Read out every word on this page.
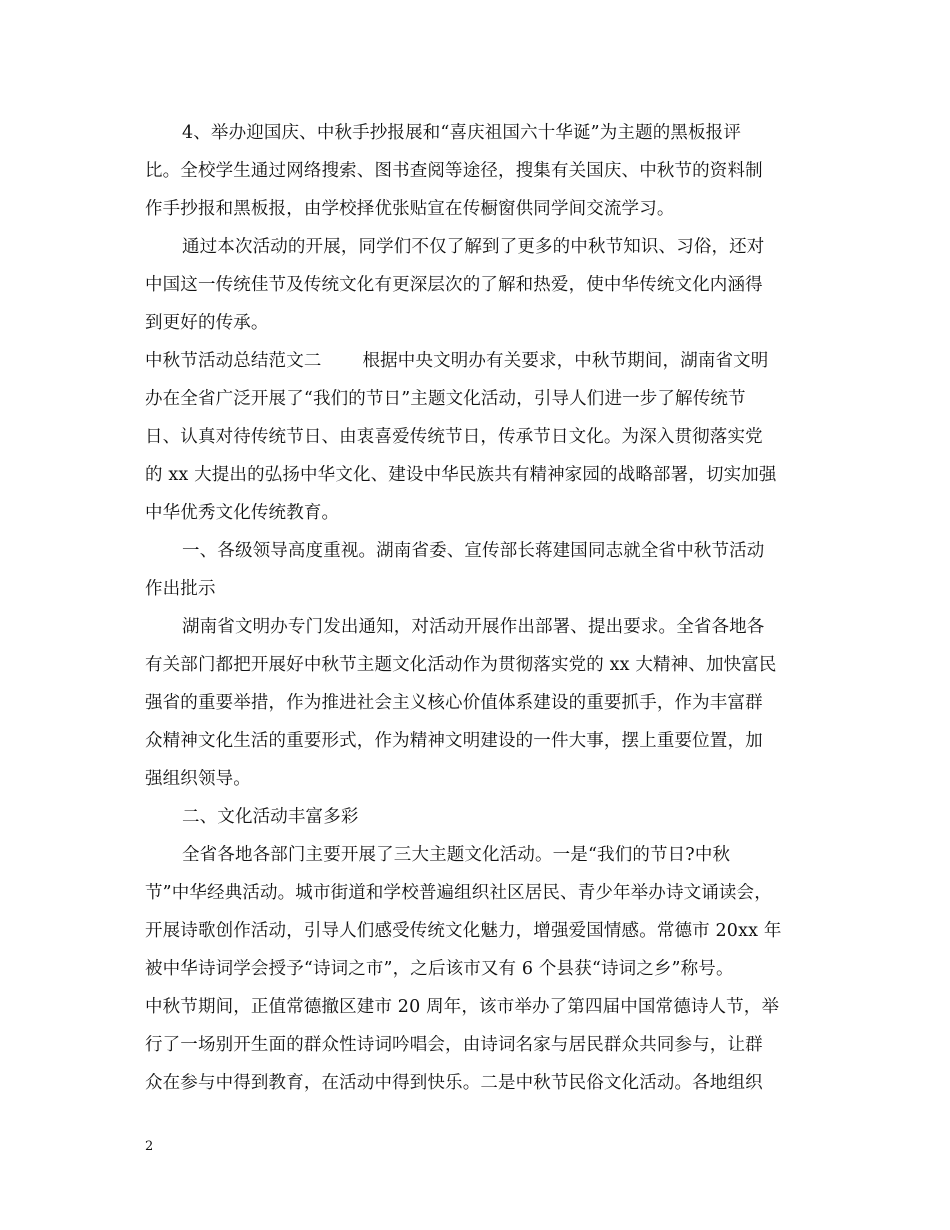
4、举办迎国庆、中秋手抄报展和“喜庆祖国六十华诞”为主题的黑板报评
比。全校学生通过网络搜索、图书查阅等途径，搜集有关国庆、中秋节的资料制
作手抄报和黑板报，由学校择优张贴宣在传橱窗供同学间交流学习。
通过本次活动的开展，同学们不仅了解到了更多的中秋节知识、习俗，还对
中国这一传统佳节及传统文化有更深层次的了解和热爱，使中华传统文化内涵得
到更好的传承。
中秋节活动总结范文二 　　根据中央文明办有关要求，中秋节期间，湖南省文明
办在全省广泛开展了“我们的节日”主题文化活动，引导人们进一步了解传统节
日、认真对待传统节日、由衷喜爱传统节日，传承节日文化。为深入贯彻落实党
的 xx 大提出的弘扬中华文化、建设中华民族共有精神家园的战略部署，切实加强
中华优秀文化传统教育。
一、各级领导高度重视。湖南省委、宣传部长蒋建国同志就全省中秋节活动
作出批示
湖南省文明办专门发出通知，对活动开展作出部署、提出要求。全省各地各
有关部门都把开展好中秋节主题文化活动作为贯彻落实党的 xx 大精神、加快富民
强省的重要举措，作为推进社会主义核心价值体系建设的重要抓手，作为丰富群
众精神文化生活的重要形式，作为精神文明建设的一件大事，摆上重要位置，加
强组织领导。
二、文化活动丰富多彩
全省各地各部门主要开展了三大主题文化活动。一是“我们的节日?中秋
节”中华经典活动。城市街道和学校普遍组织社区居民、青少年举办诗文诵读会，
开展诗歌创作活动，引导人们感受传统文化魅力，增强爱国情感。常德市 20xx 年
被中华诗词学会授予“诗词之市”，之后该市又有 6 个县获“诗词之乡”称号。
中秋节期间，正值常德撤区建市 20 周年，该市举办了第四届中国常德诗人节，举
行了一场别开生面的群众性诗词吟唱会，由诗词名家与居民群众共同参与，让群
众在参与中得到教育，在活动中得到快乐。二是中秋节民俗文化活动。各地组织
2
